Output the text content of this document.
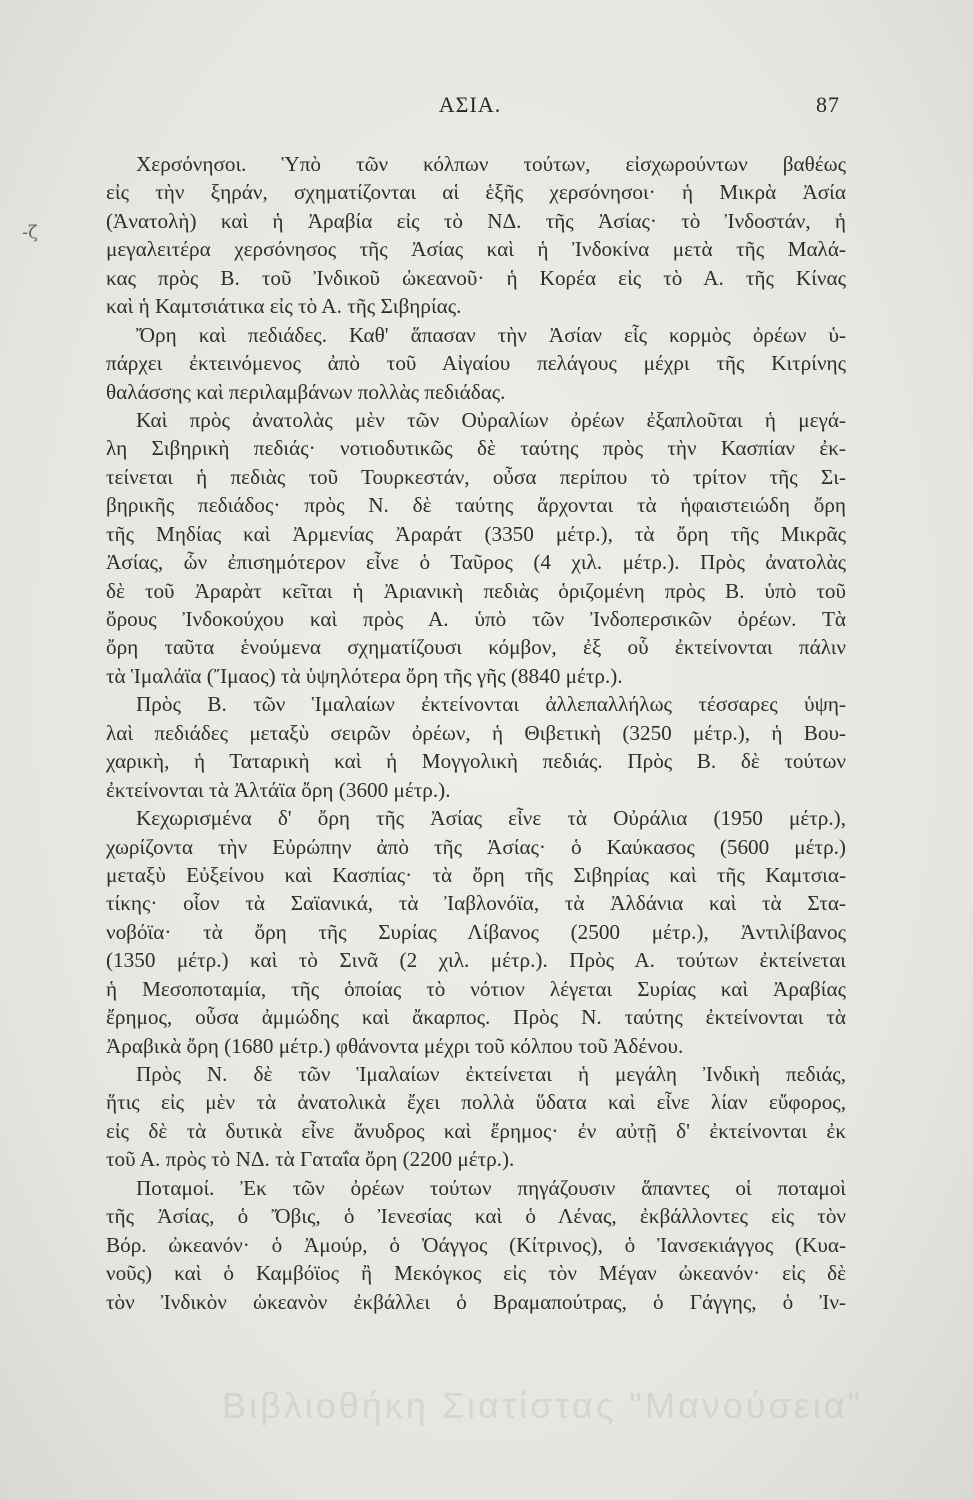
-ζ
ΑΣΙΑ.	87
Χερσόνησοι. Ὑπὸ τῶν κόλπων τούτων, εἰσχωρούντων βαθέως
εἰς τὴν ξηράν, σχηματίζονται αἱ ἑξῆς χερσόνησοι· ἡ Μικρὰ Ἀσία
(Ἀνατολὴ) καὶ ἡ Ἀραβία εἰς τὸ ΝΔ. τῆς Ἀσίας· τὸ Ἰνδοστάν, ἡ
μεγαλειτέρα χερσόνησος τῆς Ἀσίας καὶ ἡ Ἰνδοκίνα μετὰ τῆς Μαλά-
κας πρὸς Β. τοῦ Ἰνδικοῦ ὠκεανοῦ· ἡ Κορέα εἰς τὸ Α. τῆς Κίνας
καὶ ἡ Καμτσιάτικα εἰς τὸ Α. τῆς Σιβηρίας.
Ὄρη καὶ πεδιάδες. Καθ' ἅπασαν τὴν Ἀσίαν εἷς κορμὸς ὀρέων ὑ-
πάρχει ἐκτεινόμενος ἀπὸ τοῦ Αἰγαίου πελάγους μέχρι τῆς Κιτρίνης
θαλάσσης καὶ περιλαμβάνων πολλὰς πεδιάδας.
Καὶ πρὸς ἀνατολὰς μὲν τῶν Οὐραλίων ὀρέων ἐξαπλοῦται ἡ μεγά-
λη Σιβηρικὴ πεδιάς· νοτιοδυτικῶς δὲ ταύτης πρὸς τὴν Κασπίαν ἐκ-
τείνεται ἡ πεδιὰς τοῦ Τουρκεστάν, οὖσα περίπου τὸ τρίτον τῆς Σι-
βηρικῆς πεδιάδος· πρὸς Ν. δὲ ταύτης ἄρχονται τὰ ἡφαιστειώδη ὄρη
τῆς Μηδίας καὶ Ἀρμενίας Ἀραράτ (3350 μέτρ.), τὰ ὄρη τῆς Μικρᾶς
Ἀσίας, ὧν ἐπισημότερον εἶνε ὁ Ταῦρος (4 χιλ. μέτρ.). Πρὸς ἀνατολὰς
δὲ τοῦ Ἀραρὰτ κεῖται ἡ Ἀριανικὴ πεδιὰς ὁριζομένη πρὸς Β. ὑπὸ τοῦ
ὄρους Ἰνδοκούχου καὶ πρὸς Α. ὑπὸ τῶν Ἰνδοπερσικῶν ὀρέων. Τὰ
ὄρη ταῦτα ἑνούμενα σχηματίζουσι κόμβον, ἐξ οὗ ἐκτείνονται πάλιν
τὰ Ἱμαλάϊα (Ἴμαος) τὰ ὑψηλότερα ὄρη τῆς γῆς (8840 μέτρ.).
Πρὸς Β. τῶν Ἱμαλαίων ἐκτείνονται ἀλλεπαλλήλως τέσσαρες ὑψη-
λαὶ πεδιάδες μεταξὺ σειρῶν ὀρέων, ἡ Θιβετικὴ (3250 μέτρ.), ἡ Βου-
χαρικὴ, ἡ Ταταρικὴ καὶ ἡ Μογγολικὴ πεδιάς. Πρὸς Β. δὲ τούτων
ἐκτείνονται τὰ Ἀλτάϊα ὄρη (3600 μέτρ.).
Κεχωρισμένα δ' ὄρη τῆς Ἀσίας εἶνε τὰ Οὐράλια (1950 μέτρ.),
χωρίζοντα τὴν Εὐρώπην ἀπὸ τῆς Ἀσίας· ὁ Καύκασος (5600 μέτρ.)
μεταξὺ Εὐξείνου καὶ Κασπίας· τὰ ὄρη τῆς Σιβηρίας καὶ τῆς Καμτσια-
τίκης· οἷον τὰ Σαϊανικά, τὰ Ἰαβλονόϊα, τὰ Ἀλδάνια καὶ τὰ Στα-
νοβόϊα· τὰ ὄρη τῆς Συρίας Λίβανος (2500 μέτρ.), Ἀντιλίβανος
(1350 μέτρ.) καὶ τὸ Σινᾶ (2 χιλ. μέτρ.). Πρὸς Α. τούτων ἐκτείνεται
ἡ Μεσοποταμία, τῆς ὁποίας τὸ νότιον λέγεται Συρίας καὶ Ἀραβίας
ἔρημος, οὖσα ἀμμώδης καὶ ἄκαρπος. Πρὸς Ν. ταύτης ἐκτείνονται τὰ
Ἀραβικὰ ὄρη (1680 μέτρ.) φθάνοντα μέχρι τοῦ κόλπου τοῦ Ἀδένου.
Πρὸς Ν. δὲ τῶν Ἱμαλαίων ἐκτείνεται ἡ μεγάλη Ἰνδικὴ πεδιάς,
ἥτις εἰς μὲν τὰ ἀνατολικὰ ἔχει πολλὰ ὕδατα καὶ εἶνε λίαν εὔφορος,
εἰς δὲ τὰ δυτικὰ εἶνε ἄνυδρος καὶ ἔρημος· ἐν αὐτῇ δ' ἐκτείνονται ἐκ
τοῦ Α. πρὸς τὸ ΝΔ. τὰ Γαταΐα ὄρη (2200 μέτρ.).
Ποταμοί. Ἐκ τῶν ὀρέων τούτων πηγάζουσιν ἅπαντες οἱ ποταμοὶ
τῆς Ἀσίας, ὁ Ὄβις, ὁ Ἰενεσίας καὶ ὁ Λένας, ἐκβάλλοντες εἰς τὸν
Βόρ. ὠκεανόν· ὁ Ἀμούρ, ὁ Ὀάγγος (Κίτρινος), ὁ Ἰανσεκιάγγος (Κυα-
νοῦς) καὶ ὁ Καμβόϊος ἢ Μεκόγκος εἰς τὸν Μέγαν ὠκεανόν· εἰς δὲ
τὸν Ἰνδικὸν ὠκεανὸν ἐκβάλλει ὁ Βραμαπούτρας, ὁ Γάγγης, ὁ Ἰν-
Βιβλιοθήκη Σιατίστας "Μανούσεια"
